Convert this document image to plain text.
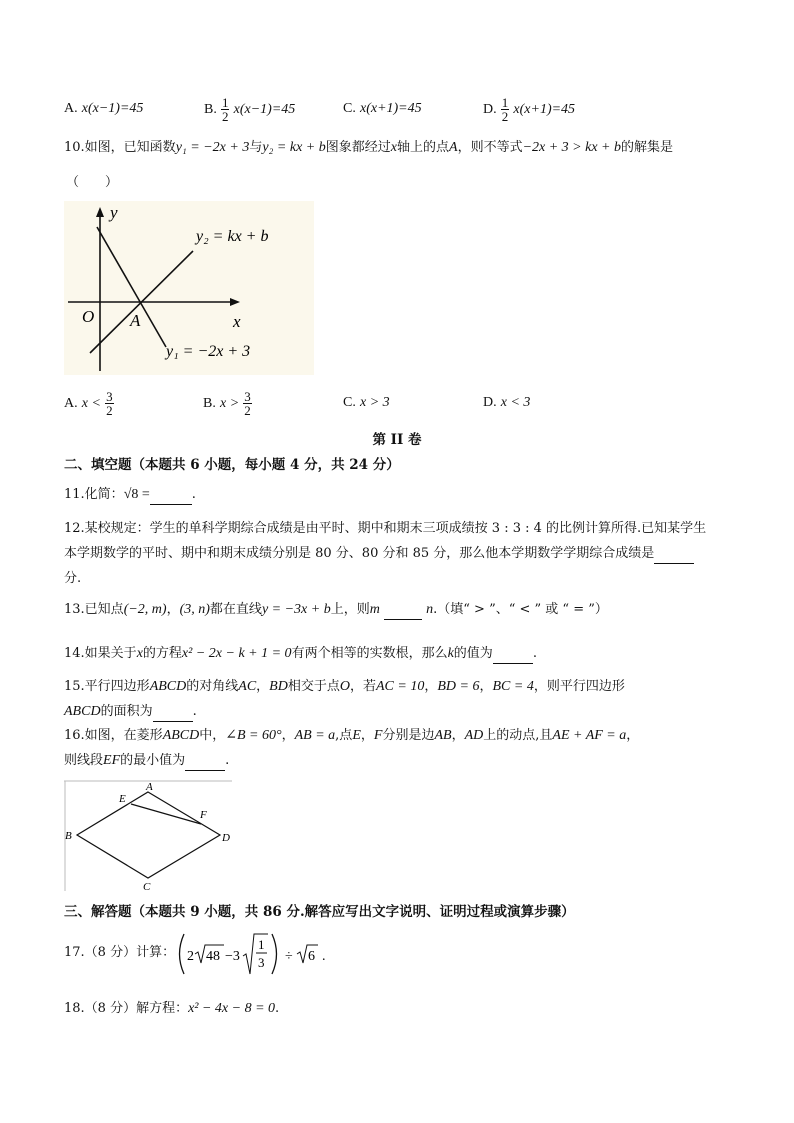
A. x(x−1)=45	B. $\frac{1}{2} x(x-1)=45$	C. x(x+1)=45	D. $\frac{1}{2} x(x+1)=45$
10.如图，已知函数y₁ = −2x + 3与y₂ = kx + b图象都经过x轴上的点A，则不等式−2x + 3 > kx + b的解集是
（　　）
y
x
O A
y₂ = kx + b
y₁ = −2x + 3
A. $x < \frac{3}{2}$	B. $x > \frac{3}{2}$	C. x > 3	D. x < 3
第 II 卷
二、填空题（本题共 6 小题，每小题 4 分，共 24 分）
11.化简：√8 =	.
12.某校规定：学生的单科学期综合成绩是由平时、期中和期末三项成绩按 3 : 3 : 4 的比例计算所得.已知某学生
本学期数学的平时、期中和期末成绩分别是 80 分、80 分和 85 分，那么他本学期数学学期综合成绩是
分.
13.已知点(−2, m)，(3, n)都在直线y = −3x + b上，则m	n.（填“ > ”、“ < ” 或 “ = ”）
14.如果关于x的方程x² − 2x − k + 1 = 0有两个相等的实数根，那么k的值为	.
15.平行四边形ABCD的对角线AC，BD相交于点O，若AC = 10，BD = 6，BC = 4，则平行四边形
ABCD的面积为	.
16.如图，在菱形ABCD中，∠B = 60°，AB = a,点E，F分别是边AB，AD上的动点,且AE + AF = a，
则线段EF的最小值为	.
A
B
C
D
E
F
三、解答题（本题共 9 小题，共 86 分.解答应写出文字说明、证明过程或演算步骤）
17.（8 分）计算： 2 48 −3
1
3 ÷ 6 .
18.（8 分）解方程：x² − 4x − 8 = 0.
